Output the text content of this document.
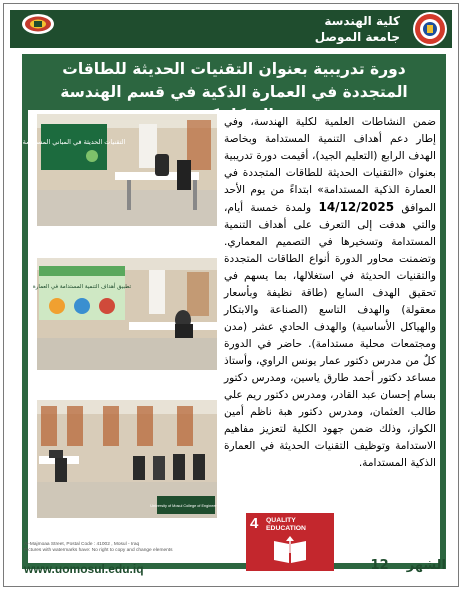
كلية الهندسة
جامعة الموصل
دورة تدريبية بعنوان التقنيات الحديثة للطاقات المتجددة في العمارة الذكية في قسم الهندسة
التقنيات الحديثة في المباني المستدامة
تطبيق أهداف التنمية المستدامة في العمارة
University of Mosul College of Engineering
ضمن النشاطات العلمية لكلية الهندسة، وفي إطار دعم أهداف التنمية المستدامة وبخاصة الهدف الرابع (التعليم الجيد)، أقيمت دورة تدريبية بعنوان «التقنيات الحديثة للطاقات المتجددة في العمارة الذكية المستدامة» ابتداءً من يوم الأحد الموافق 14/12/2025 ولمدة خمسة أيام، والتي هدفت إلى التعرف على أهداف التنمية المستدامة وتسخيرها في التصميم المعماري. وتضمنت محاور الدورة أنواع الطاقات المتجددة والتقنيات الحديثة في استغلالها، بما يسهم في تحقيق الهدف السابع (طاقة نظيفة وبأسعار معقولة) والهدف التاسع (الصناعة والابتكار والهياكل الأساسية) والهدف الحادي عشر (مدن ومجتمعات محلية مستدامة). حاضر في الدورة كلٌ من مدرس دكتور عمار يونس الراوي، وأستاذ مساعد دكتور أحمد طارق ياسين، ومدرس دكتور بسام إحسان عبد القادر، ومدرس دكتور ريم علي طالب العثمان، ومدرس دكتور هبة ناظم أمين الكواز، وذلك ضمن جهود الكلية لتعزيز مفاهيم الاستدامة وتوظيف التقنيات الحديثة في العمارة الذكية المستدامة.
4 QUALITY
EDUCATION
Al-Majmoaa Street, Postal Code : 41002 , Mosul - Iraq
Pictures with watermarks have: No right to copy and change elements
www.uomosul.edu.iq	الشهر    12
